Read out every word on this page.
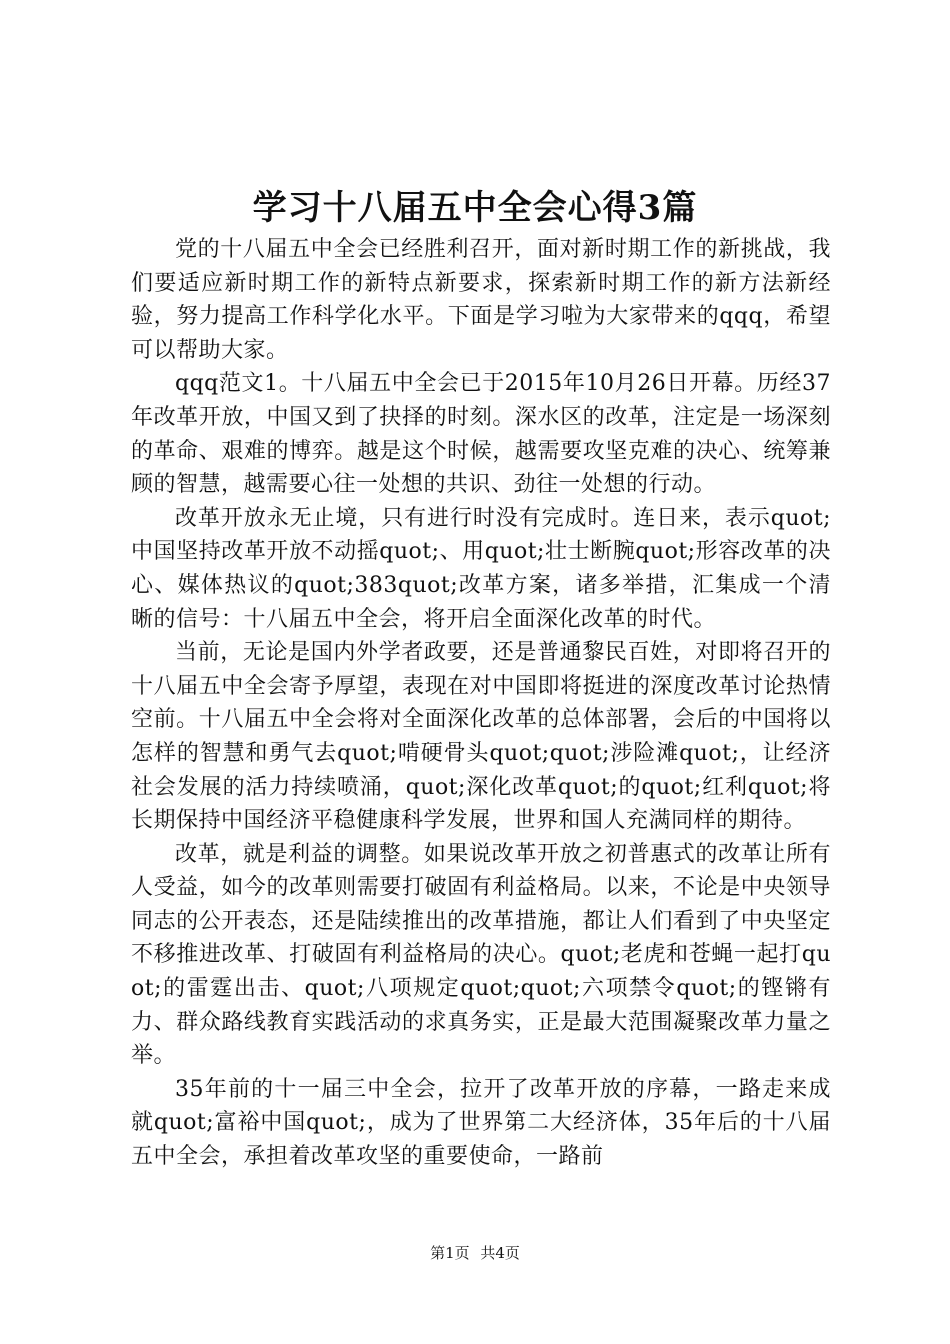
学习十八届五中全会心得3篇

党的十八届五中全会已经胜利召开，面对新时期工作的新挑战，我们要适应新时期工作的新特点新要求，探索新时期工作的新方法新经验，努力提高工作科学化水平。下面是学习啦为大家带来的qqq，希望可以帮助大家。

qqq范文1。十八届五中全会已于2015年10月26日开幕。历经37年改革开放，中国又到了抉择的时刻。深水区的改革，注定是一场深刻的革命、艰难的博弈。越是这个时候，越需要攻坚克难的决心、统筹兼顾的智慧，越需要心往一处想的共识、劲往一处想的行动。

改革开放永无止境，只有进行时没有完成时。连日来，表示quot;中国坚持改革开放不动摇quot;、用quot;壮士断腕quot;形容改革的决心、媒体热议的quot;383quot;改革方案，诸多举措，汇集成一个清晰的信号：十八届五中全会，将开启全面深化改革的时代。

当前，无论是国内外学者政要，还是普通黎民百姓，对即将召开的十八届五中全会寄予厚望，表现在对中国即将挺进的深度改革讨论热情空前。十八届五中全会将对全面深化改革的总体部署，会后的中国将以怎样的智慧和勇气去quot;啃硬骨头quot;quot;涉险滩quot;，让经济社会发展的活力持续喷涌，quot;深化改革quot;的quot;红利quot;将长期保持中国经济平稳健康科学发展，世界和国人充满同样的期待。

改革，就是利益的调整。如果说改革开放之初普惠式的改革让所有人受益，如今的改革则需要打破固有利益格局。以来，不论是中央领导同志的公开表态，还是陆续推出的改革措施，都让人们看到了中央坚定不移推进改革、打破固有利益格局的决心。quot;老虎和苍蝇一起打quot;的雷霆出击、quot;八项规定quot;quot;六项禁令quot;的铿锵有力、群众路线教育实践活动的求真务实，正是最大范围凝聚改革力量之举。

35年前的十一届三中全会，拉开了改革开放的序幕，一路走来成就quot;富裕中国quot;，成为了世界第二大经济体，35年后的十八届五中全会，承担着改革攻坚的重要使命，一路前

第1页 共4页
